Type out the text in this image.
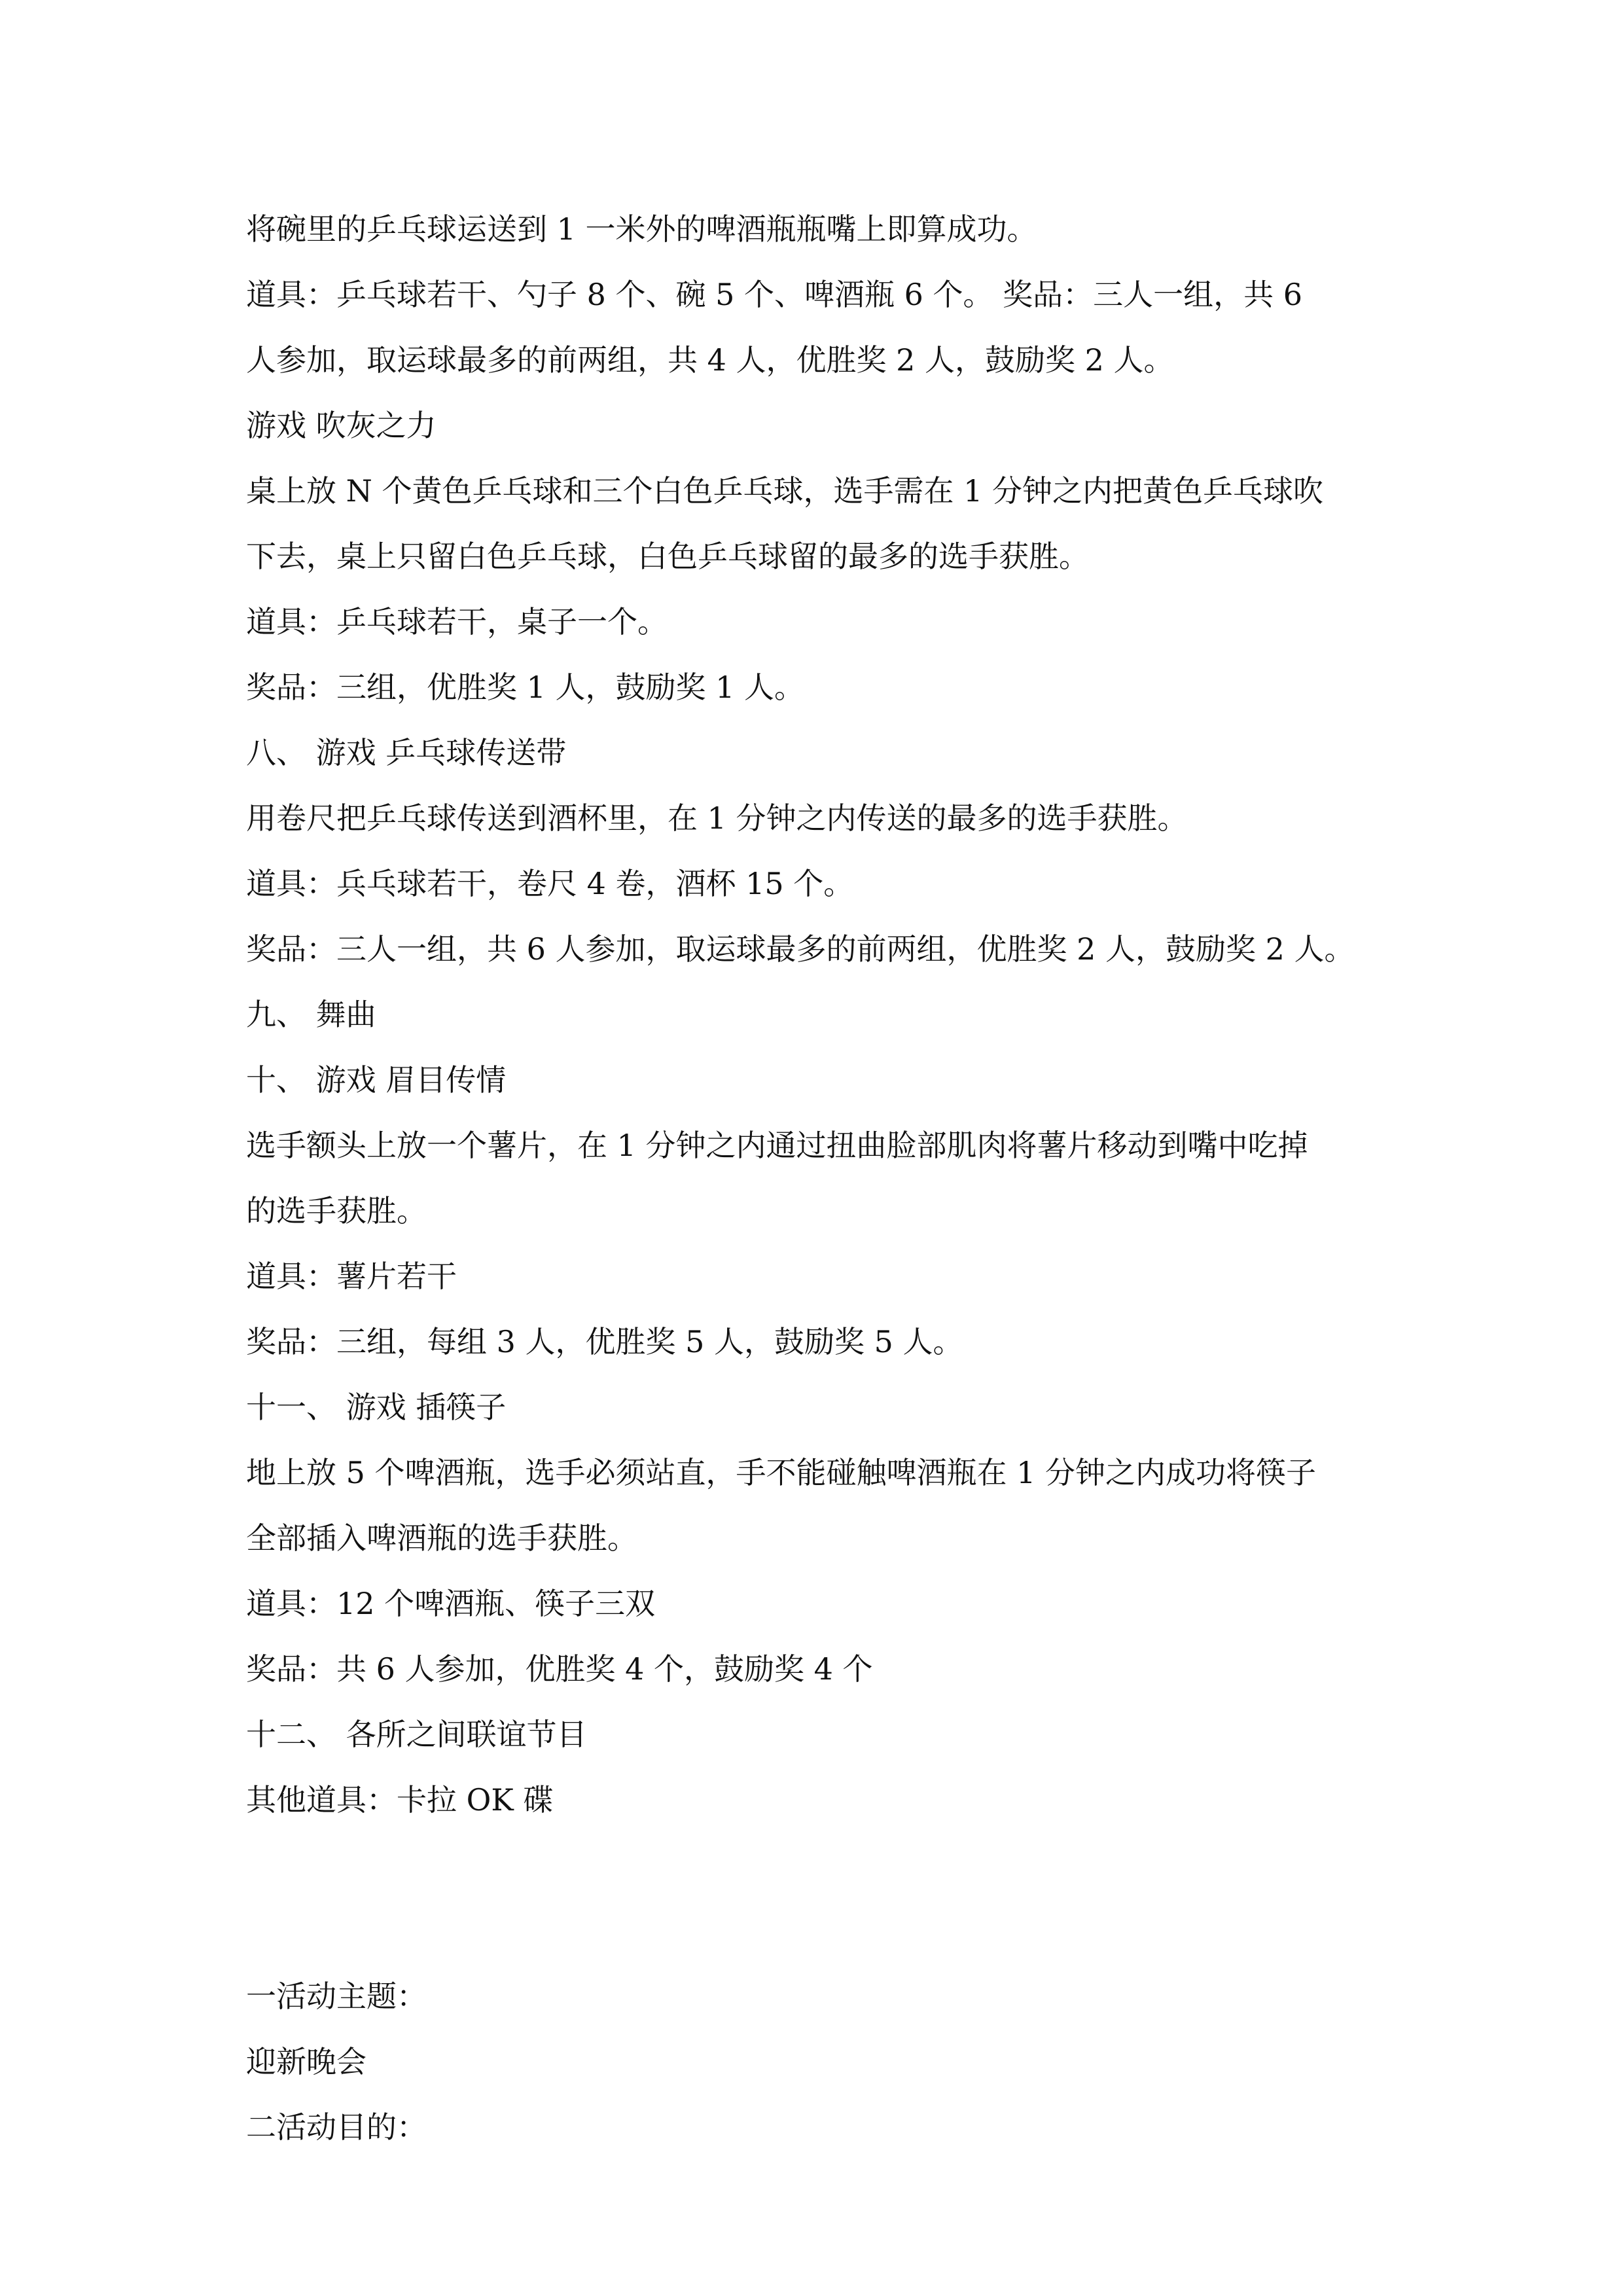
将碗里的乒乓球运送到 1 一米外的啤酒瓶瓶嘴上即算成功。
道具：乒乓球若干、勺子 8 个、碗 5 个、啤酒瓶 6 个。 奖品：三人一组，共 6
人参加，取运球最多的前两组，共 4 人，优胜奖 2 人，鼓励奖 2 人。
游戏 吹灰之力
桌上放 N 个黄色乒乓球和三个白色乒乓球，选手需在 1 分钟之内把黄色乒乓球吹
下去，桌上只留白色乒乓球，白色乒乓球留的最多的选手获胜。
道具：乒乓球若干，桌子一个。
奖品：三组，优胜奖 1 人，鼓励奖 1 人。
八、 游戏 乒乓球传送带
用卷尺把乒乓球传送到酒杯里，在 1 分钟之内传送的最多的选手获胜。
道具：兵乓球若干，卷尺 4 卷，酒杯 15 个。
奖品：三人一组，共 6 人参加，取运球最多的前两组，优胜奖 2 人，鼓励奖 2 人。
九、 舞曲
十、 游戏 眉目传情
选手额头上放一个薯片，在 1 分钟之内通过扭曲脸部肌肉将薯片移动到嘴中吃掉
的选手获胜。
道具：薯片若干
奖品：三组，每组 3 人，优胜奖 5 人，鼓励奖 5 人。
十一、 游戏 插筷子
地上放 5 个啤酒瓶，选手必须站直，手不能碰触啤酒瓶在 1 分钟之内成功将筷子
全部插入啤酒瓶的选手获胜。
道具：12 个啤酒瓶、筷子三双
奖品：共 6 人参加，优胜奖 4 个，鼓励奖 4 个
十二、 各所之间联谊节目
其他道具：卡拉 OK 碟
一活动主题：
迎新晚会
二活动目的：
